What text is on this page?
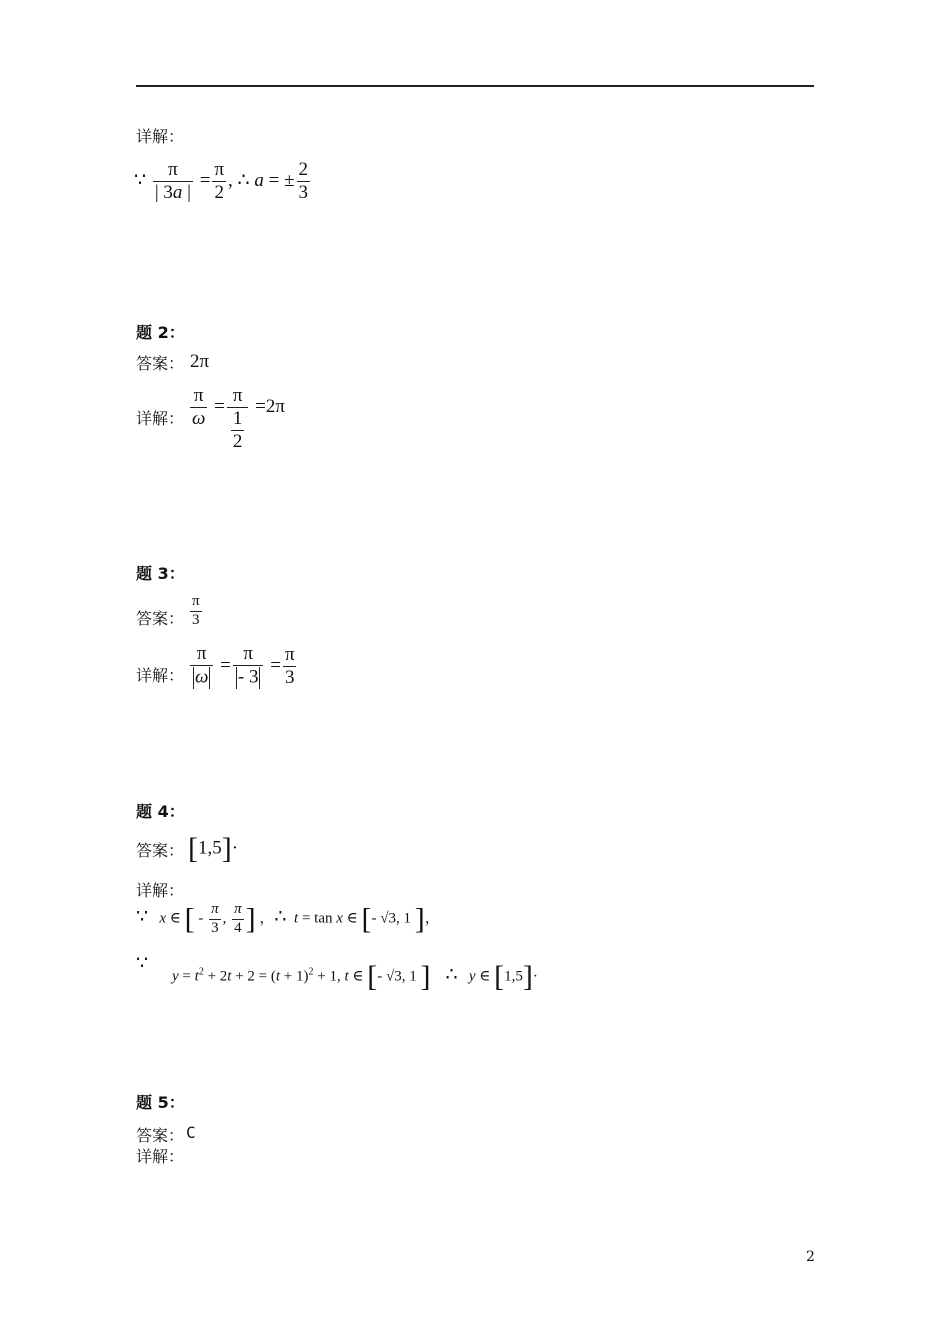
详解：
∵ $\frac{\pi}{| 3a |} = \frac{\pi}{2}$ , ∴ a = ± $\frac{2}{3}$
题 2：
答案： 2π
详解： $\frac{\pi}{\omega} = \frac{\pi}{\frac{1}{2}} =2\pi$
题 3：
答案： $\frac{\pi}{3}$
详解： $\frac{\pi}{\omega} = \frac{\pi}{- 3} = \frac{\pi}{3}$
题 4：
答案： [1,5]·
详解：
∵ x ∈ [ - $\frac{\pi}{3}$ , $\frac{\pi}{4}$ ] ，∴ t = tan x ∈ [- √3, 1 ]，
∵
$y = t^2 + 2t + 2 = (t + 1)^2 + 1$, t ∈ [- √3, 1 ] ∴ y ∈ [1,5]·
题 5：
答案： C
详解：
2
